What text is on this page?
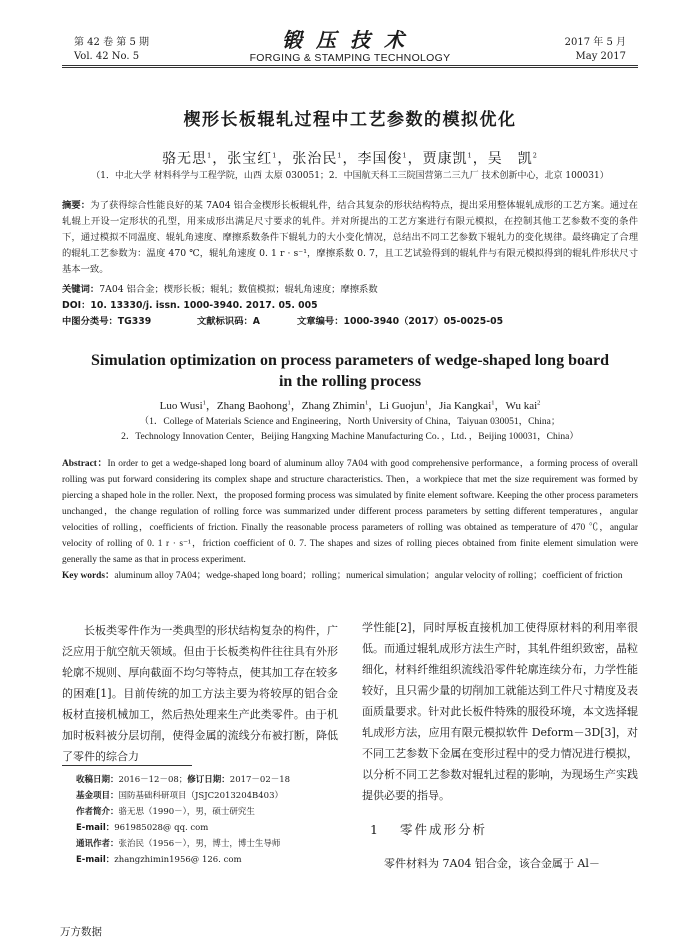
第 42 卷 第 5 期
Vol. 42 No. 5
锻压技术
FORGING & STAMPING TECHNOLOGY
2017 年 5 月
May 2017
楔形长板辊轧过程中工艺参数的模拟优化
骆无思$^1$，张宝红$^1$，张治民$^1$，李国俊$^1$，贾康凯$^1$，吴　凯$^2$
（1．中北大学 材料科学与工程学院，山西 太原 030051；2．中国航天科工三院国营第二三九厂 技术创新中心，北京 100031）
摘要：为了获得综合性能良好的某 7A04 铝合金楔形长板辊轧件，结合其复杂的形状结构特点，提出采用整体辊轧成形的工艺方案。通过在轧辊上开设一定形状的孔型，用来成形出满足尺寸要求的轧件。并对所提出的工艺方案进行有限元模拟，在控制其他工艺参数不变的条件下，通过模拟不同温度、辊轧角速度、摩擦系数条件下辊轧力的大小变化情况，总结出不同工艺参数下辊轧力的变化规律。最终确定了合理的辊轧工艺参数为：温度 470 ℃，辊轧角速度 0. 1 r · s⁻¹，摩擦系数 0. 7，且工艺试验得到的辊轧件与有限元模拟得到的辊轧件形状尺寸基本一致。
关键词：7A04 铝合金；楔形长板；辊轧；数值模拟；辊轧角速度；摩擦系数
DOI：10. 13330/j. issn. 1000-3940. 2017. 05. 005
中图分类号：TG339	文献标识码：A	文章编号：1000-3940（2017）05-0025-05
Simulation optimization on process parameters of wedge-shaped long board in the rolling process
Luo Wusi$^1$，Zhang Baohong$^1$，Zhang Zhimin$^1$，Li Guojun$^1$，Jia Kangkai$^1$，Wu kai$^2$
（1．College of Materials Science and Engineering，North University of China，Taiyuan 030051，China；
2．Technology Innovation Center，Beijing Hangxing Machine Manufacturing Co．，Ltd．，Beijing 100031，China）
Abstract：In order to get a wedge-shaped long board of aluminum alloy 7A04 with good comprehensive performance，a forming process of overall rolling was put forward considering its complex shape and structure characteristics. Then，a workpiece that met the size requirement was formed by piercing a shaped hole in the roller. Next，the proposed forming process was simulated by finite element software. Keeping the other process parameters unchanged，the change regulation of rolling force was summarized under different process parameters by setting different temperatures，angular velocities of rolling，coefficients of friction. Finally the reasonable process parameters of rolling was obtained as temperature of 470 ℃，angular velocity of rolling of 0. 1 r · s⁻¹，friction coefficient of 0. 7. The shapes and sizes of rolling pieces obtained from finite element simulation were generally the same as that in process experiment.
Key words：aluminum alloy 7A04；wedge-shaped long board；rolling；numerical simulation；angular velocity of rolling；coefficient of friction
长板类零件作为一类典型的形状结构复杂的构件，广泛应用于航空航天领域。但由于长板类构件往往具有外形轮廓不规则、厚向截面不均匀等特点，使其加工存在较多的困难[1]。目前传统的加工方法主要为将较厚的铝合金板材直接机械加工，然后热处理来生产此类零件。由于机加时板料被分层切削，使得金属的流线分布被打断，降低了零件的综合力
学性能[2]，同时厚板直接机加工使得原材料的利用率很低。而通过辊轧成形方法生产时，其轧件组织致密，晶粒细化，材料纤维组织流线沿零件轮廓连续分布，力学性能较好，且只需少量的切削加工就能达到工件尺寸精度及表面质量要求。针对此长板件特殊的服役环境，本文选择辊轧成形方法，应用有限元模拟软件 Deform－3D[3]，对不同工艺参数下金属在变形过程中的受力情况进行模拟，以分析不同工艺参数对辊轧过程的影响，为现场生产实践提供必要的指导。
收稿日期：2016－12－08；修订日期：2017－02－18
基金项目：国防基础科研项目（JSJC2013204B403）
作者简介：骆无思（1990－），男，硕士研究生
E-mail：961985028@ qq. com
通讯作者：张治民（1956－），男，博士，博士生导师
E-mail：zhangzhimin1956@ 126. com
1 零件成形分析
零件材料为 7A04 铝合金，该合金属于 Al－
万方数据
